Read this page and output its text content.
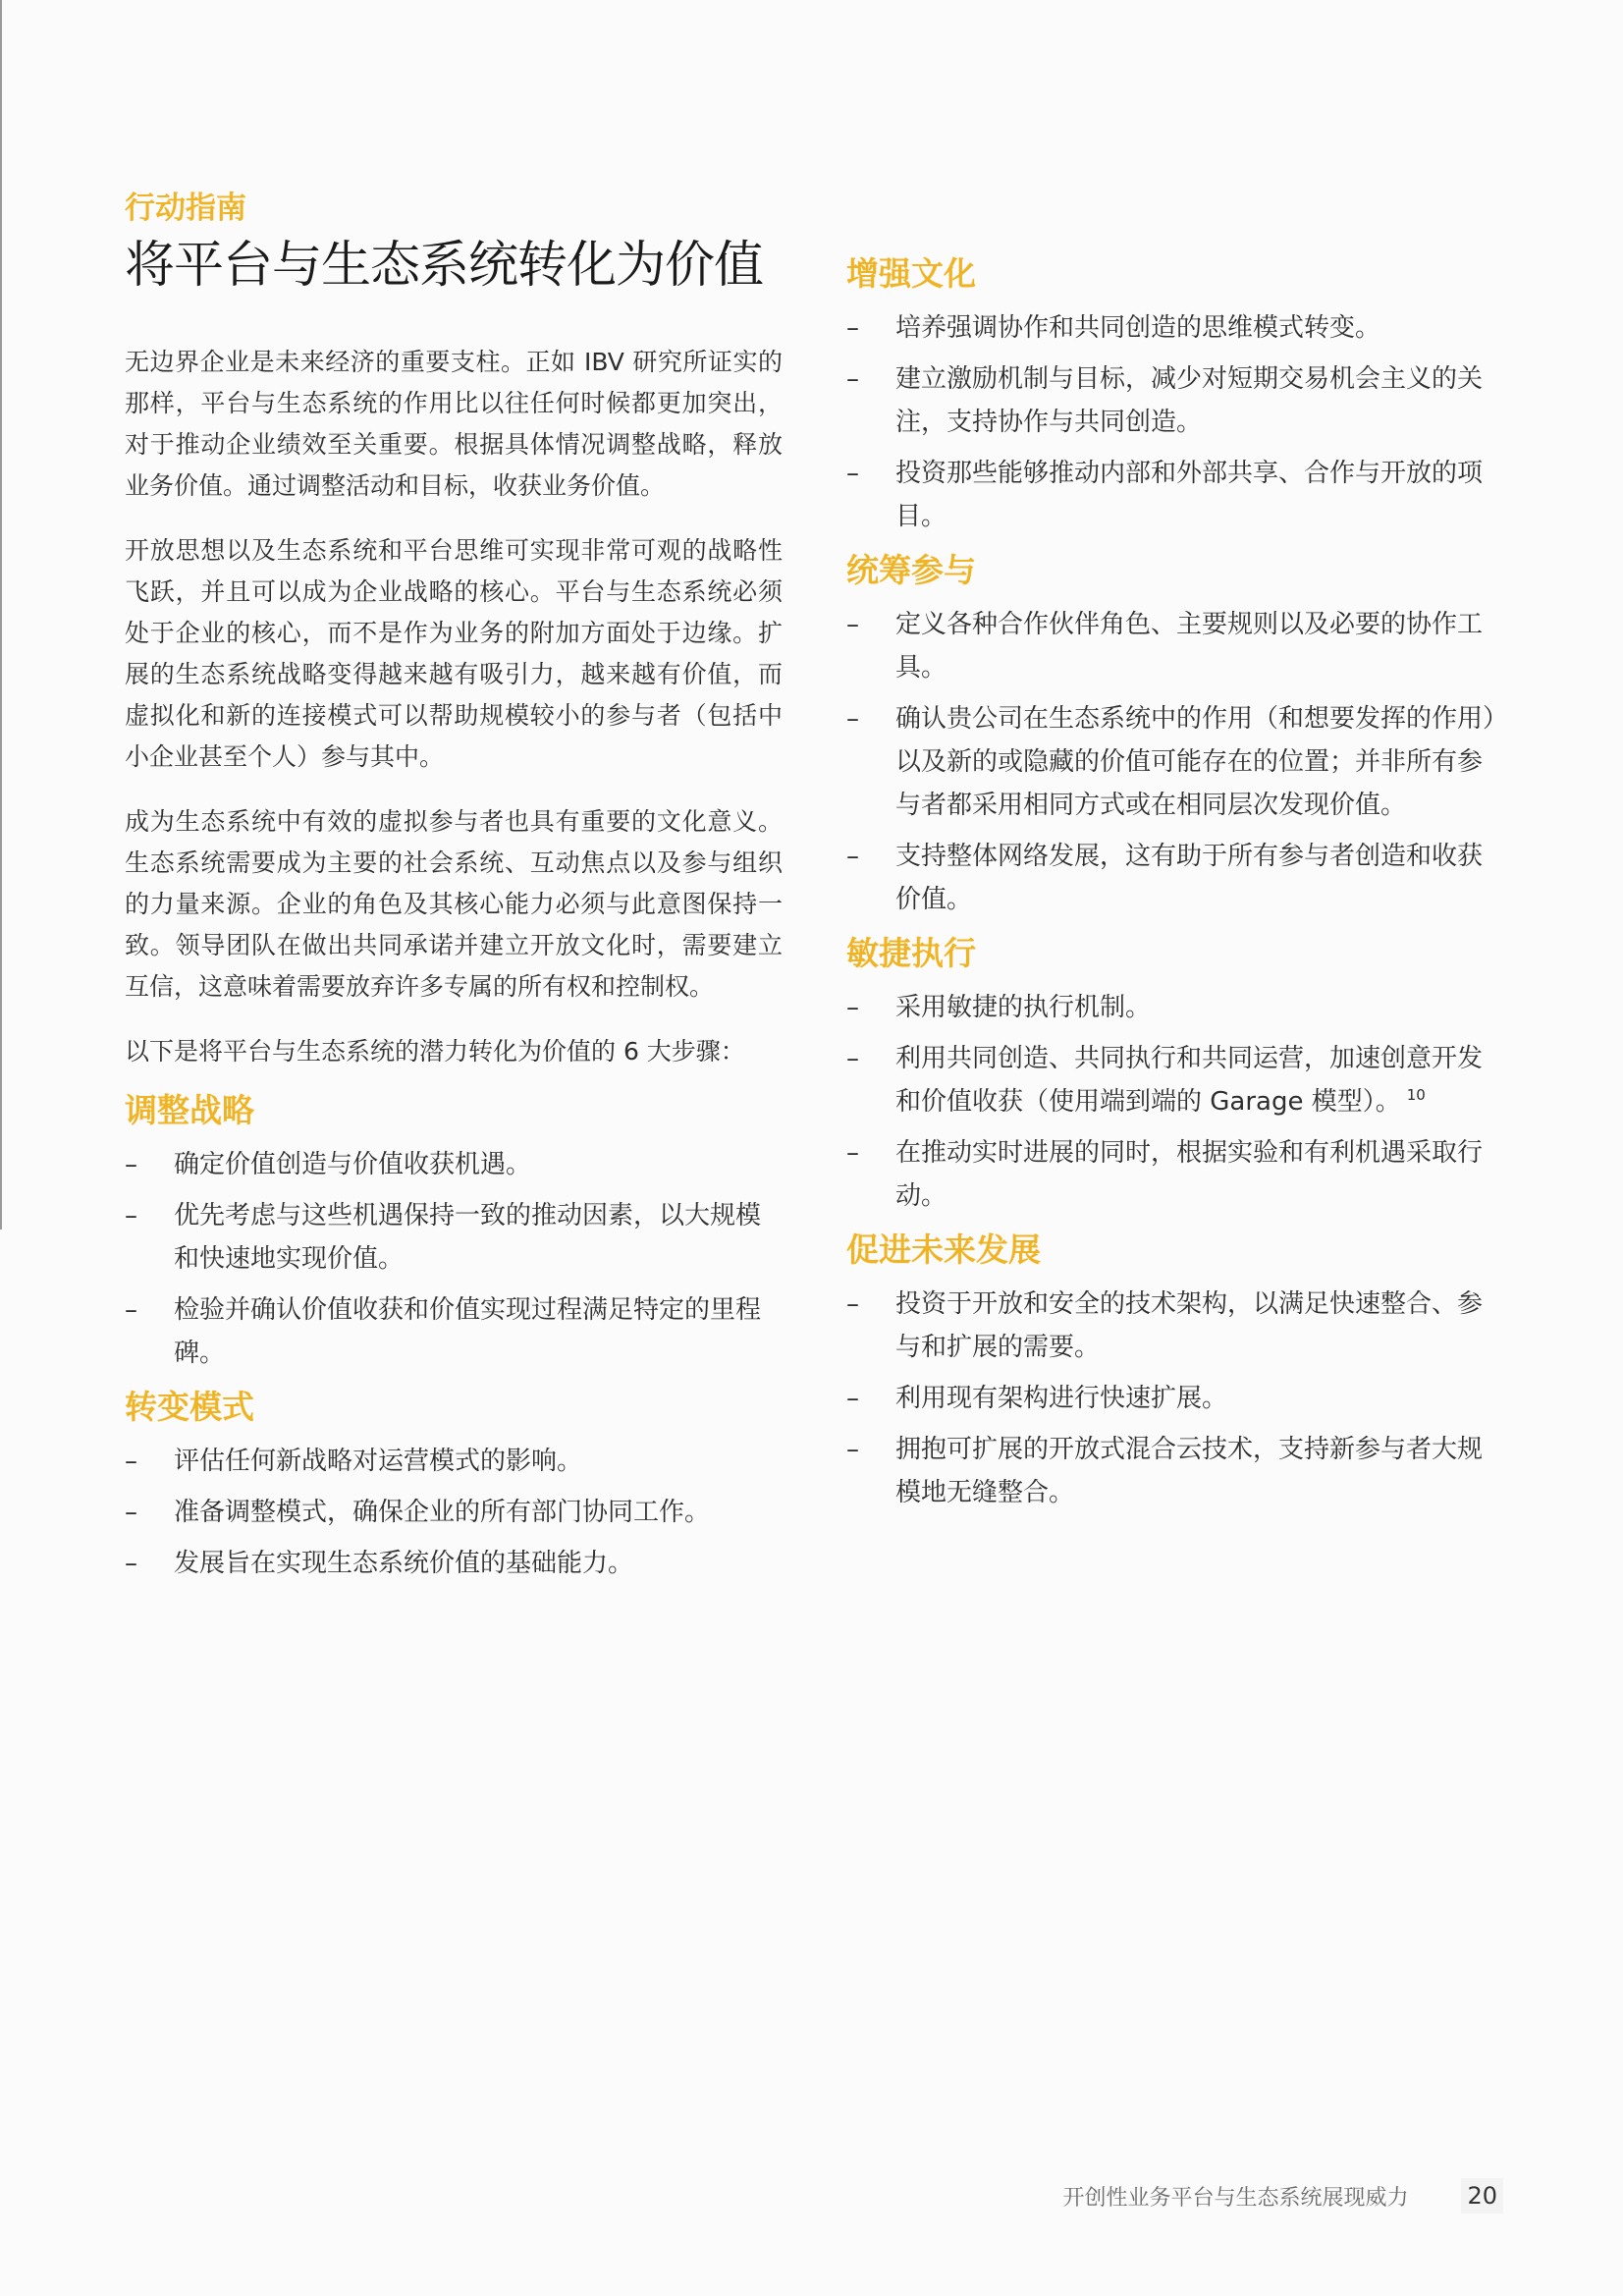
行动指南
将平台与生态系统转化为价值

无边界企业是未来经济的重要支柱。正如 IBV 研究所证实的那样，平台与生态系统的作用比以往任何时候都更加突出，对于推动企业绩效至关重要。根据具体情况调整战略，释放业务价值。通过调整活动和目标，收获业务价值。

开放思想以及生态系统和平台思维可实现非常可观的战略性飞跃，并且可以成为企业战略的核心。平台与生态系统必须处于企业的核心，而不是作为业务的附加方面处于边缘。扩展的生态系统战略变得越来越有吸引力，越来越有价值，而虚拟化和新的连接模式可以帮助规模较小的参与者（包括中小企业甚至个人）参与其中。

成为生态系统中有效的虚拟参与者也具有重要的文化意义。生态系统需要成为主要的社会系统、互动焦点以及参与组织的力量来源。企业的角色及其核心能力必须与此意图保持一致。领导团队在做出共同承诺并建立开放文化时，需要建立互信，这意味着需要放弃许多专属的所有权和控制权。

以下是将平台与生态系统的潜力转化为价值的 6 大步骤：

调整战略
–	确定价值创造与价值收获机遇。
–	优先考虑与这些机遇保持一致的推动因素，以大规模和快速地实现价值。
–	检验并确认价值收获和价值实现过程满足特定的里程碑。
转变模式
–	评估任何新战略对运营模式的影响。
–	准备调整模式，确保企业的所有部门协同工作。
–	发展旨在实现生态系统价值的基础能力。
增强文化
–	培养强调协作和共同创造的思维模式转变。
–	建立激励机制与目标，减少对短期交易机会主义的关注，支持协作与共同创造。
–	投资那些能够推动内部和外部共享、合作与开放的项目。
统筹参与
–	定义各种合作伙伴角色、主要规则以及必要的协作工具。
–	确认贵公司在生态系统中的作用（和想要发挥的作用）以及新的或隐藏的价值可能存在的位置；并非所有参与者都采用相同方式或在相同层次发现价值。
–	支持整体网络发展，这有助于所有参与者创造和收获价值。
敏捷执行
–	采用敏捷的执行机制。
–	利用共同创造、共同执行和共同运营，加速创意开发和价值收获（使用端到端的 Garage 模型）。 $^{10}$
–	在推动实时进展的同时，根据实验和有利机遇采取行动。
促进未来发展
–	投资于开放和安全的技术架构，以满足快速整合、参与和扩展的需要。
–	利用现有架构进行快速扩展。
–	拥抱可扩展的开放式混合云技术，支持新参与者大规模地无缝整合。
开创性业务平台与生态系统展现威力	20
